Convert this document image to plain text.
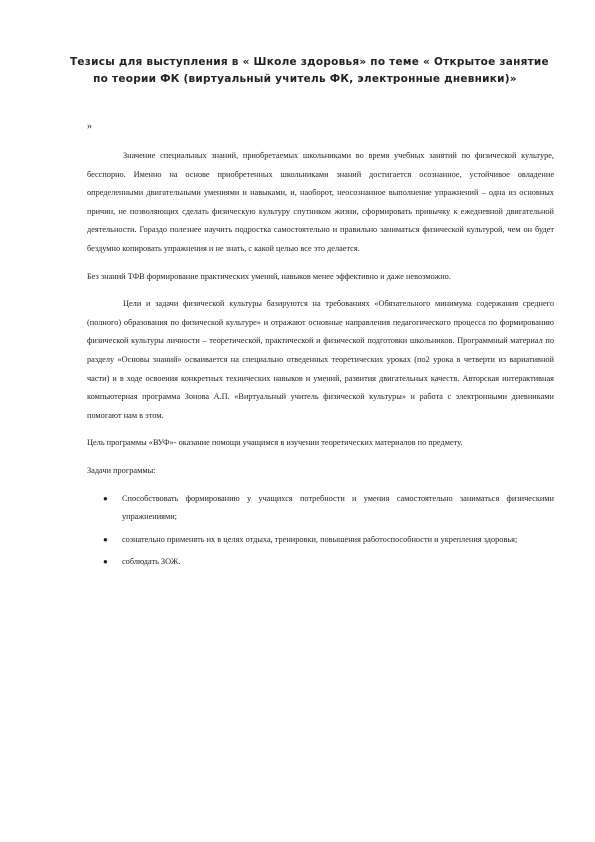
Тезисы для выступления в « Школе здоровья» по теме « Открытое занятие
по теории ФК (виртуальный учитель ФК, электронные дневники)»
»

Значение специальных знаний, приобретаемых школьниками во время учебных занятий по физической культуре, бесспорно. Именно на основе приобретенных школьниками знаний достигается осознанное, устойчивое овладение определенными двигательными умениями и навыками, и, наоборот, неосознанное выполнение упражнений – одна из основных причин, не позволяющих сделать физическую культуру спутником жизни, сформировать привычку к ежедневной двигательной деятельности. Гораздо полезнее научить подростка самостоятельно и правильно заниматься физической культурой, чем он будет бездумно копировать упражнения и не знать, с какой целью все это делается.

Без знаний ТФВ формирование практических умений, навыков менее эффективно и даже невозможно.

Цели и задачи физической культуры базируются на требованиях «Обязательного минимума содержания среднего (полного) образования по физической культуре» и отражают основные направления педагогического процесса по формированию физической культуры личности – теоретической, практической и физической подготовки школьников. Программный материал по разделу «Основы знаний» осваивается на специально отведенных теоретических уроках (по2 урока в четверти из вариативной части) и в ходе освоения конкретных технических навыков и умений, развития двигательных качеств. Авторская интерактивная компьютерная программа Зонова А.П. «Виртуальный учитель физической культуры» и работа с электронными дневниками помогают нам в этом.

Цель программы «ВУФ»- оказание помощи учащимся в изучении теоретических материалов по предмету.

Задачи программы:

● Способствовать формированию у учащихся потребности и умения самостоятельно заниматься физическими упражнениями;
● сознательно применять их в целях отдыха, тренировки, повышения работоспособности и укрепления здоровья;
● соблюдать ЗОЖ.
